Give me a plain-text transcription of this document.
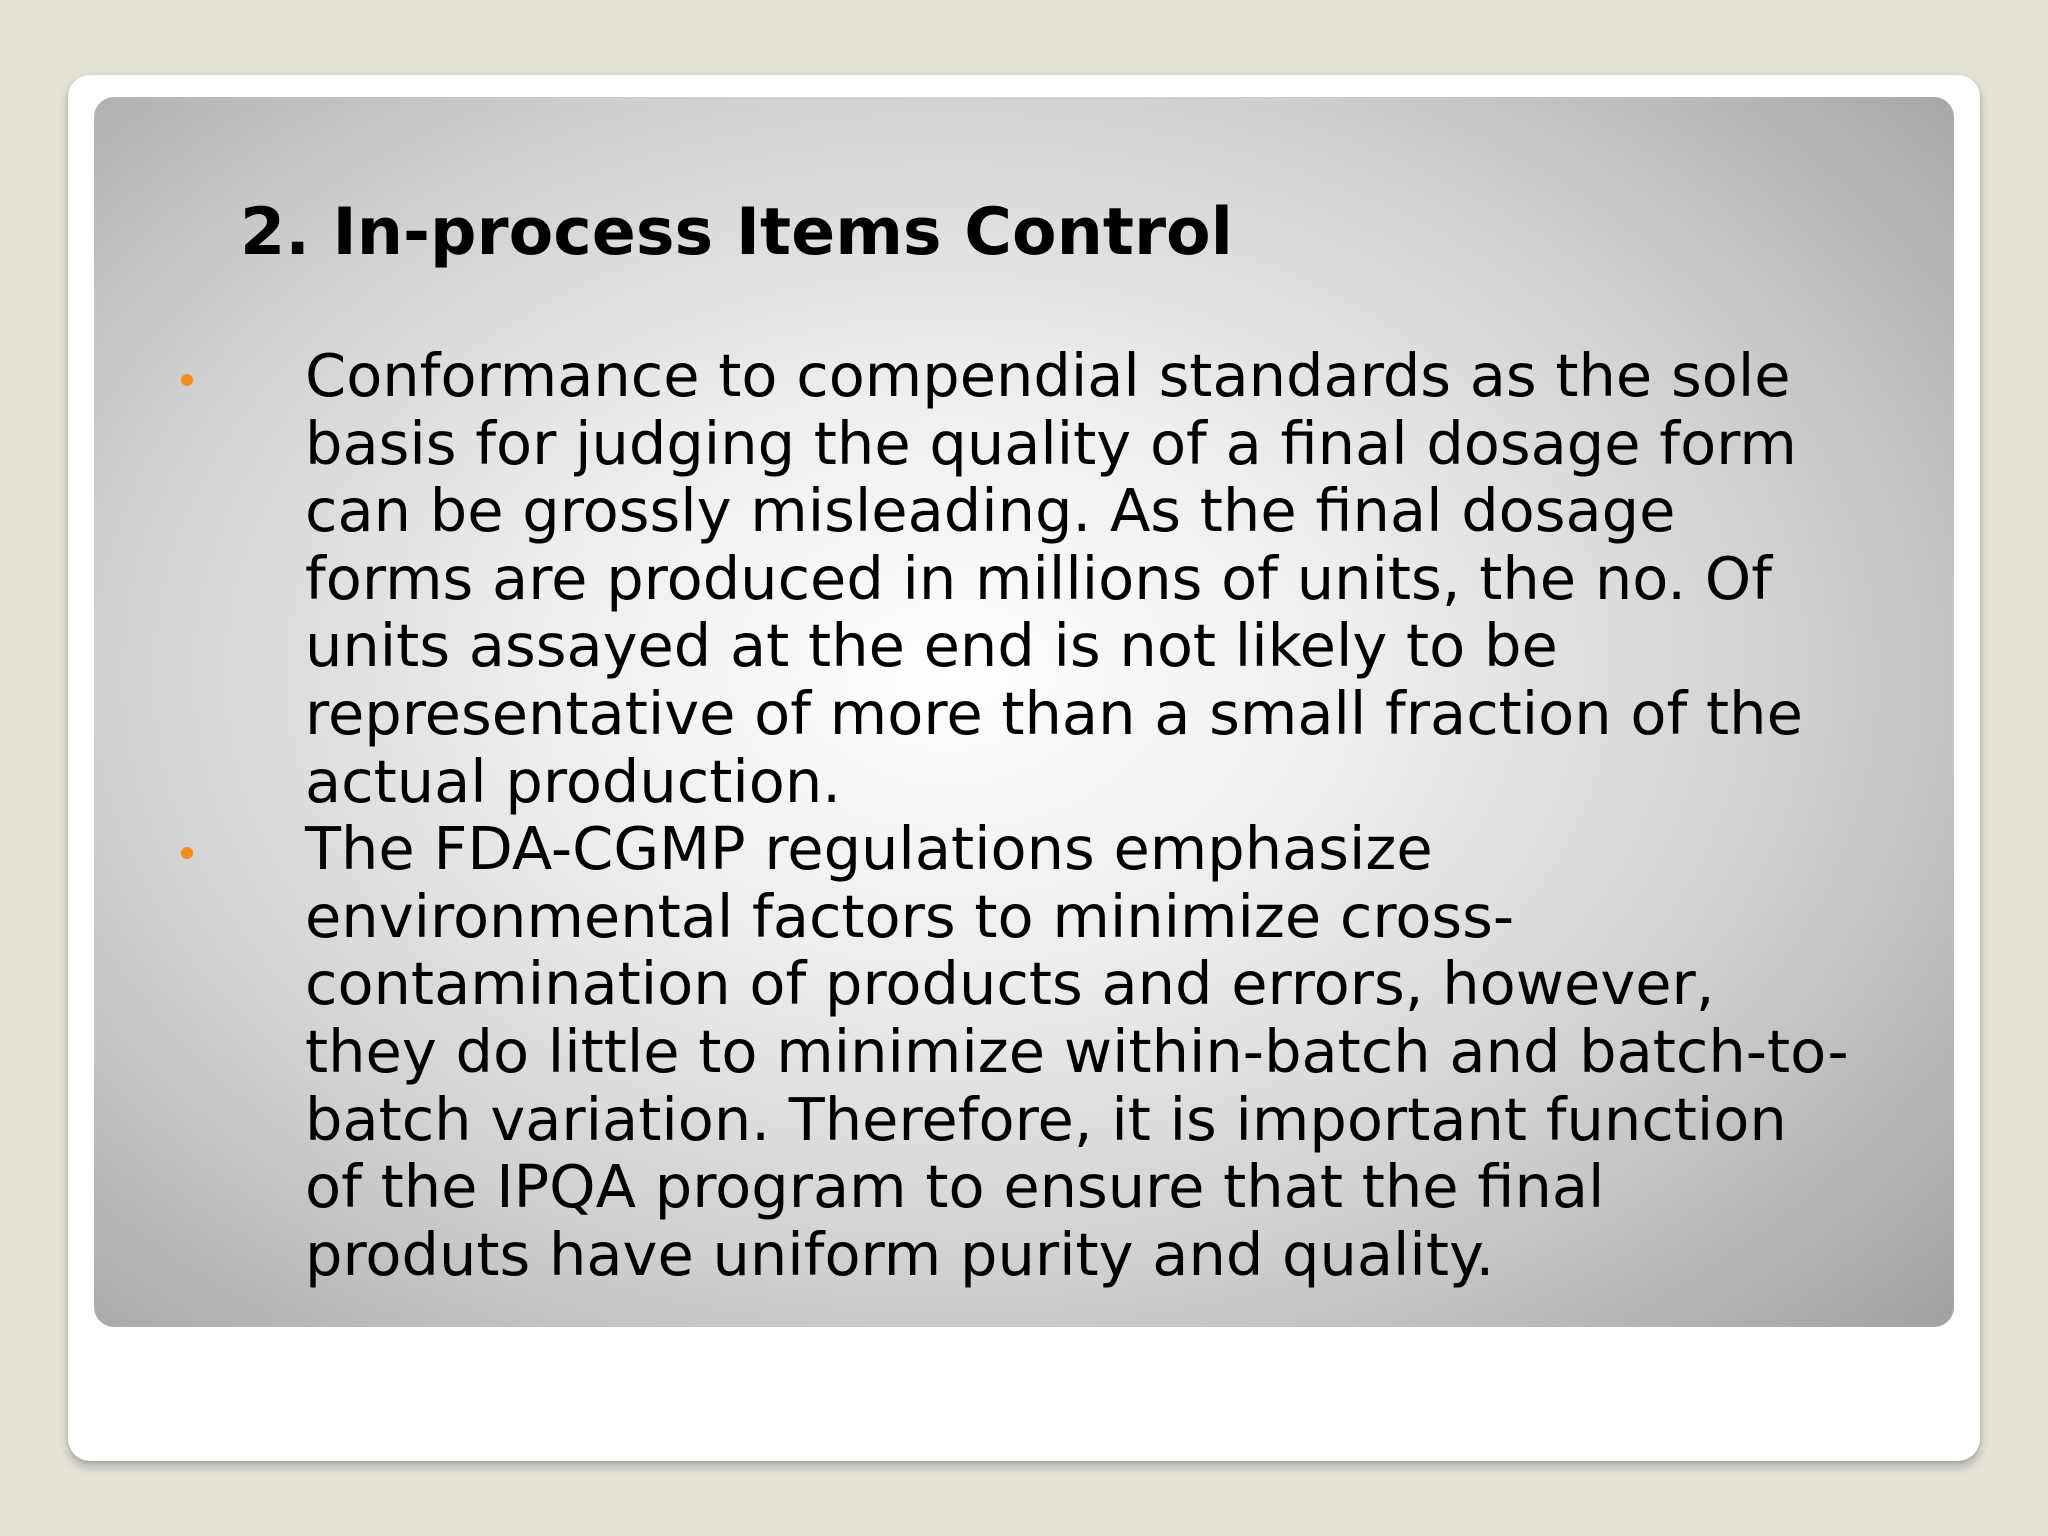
2. In-process Items Control
Conformance to compendial standards as the sole
basis for judging the quality of a final dosage form
can be grossly misleading. As the final dosage
forms are produced in millions of units, the no. Of
units assayed at the end is not likely to be
representative of more than a small fraction of the
actual production.
The FDA-CGMP regulations emphasize
environmental factors to minimize cross-
contamination of products and errors, however,
they do little to minimize within-batch and batch-to-
batch variation. Therefore, it is important function
of the IPQA program to ensure that the final
produts have uniform purity and quality.
